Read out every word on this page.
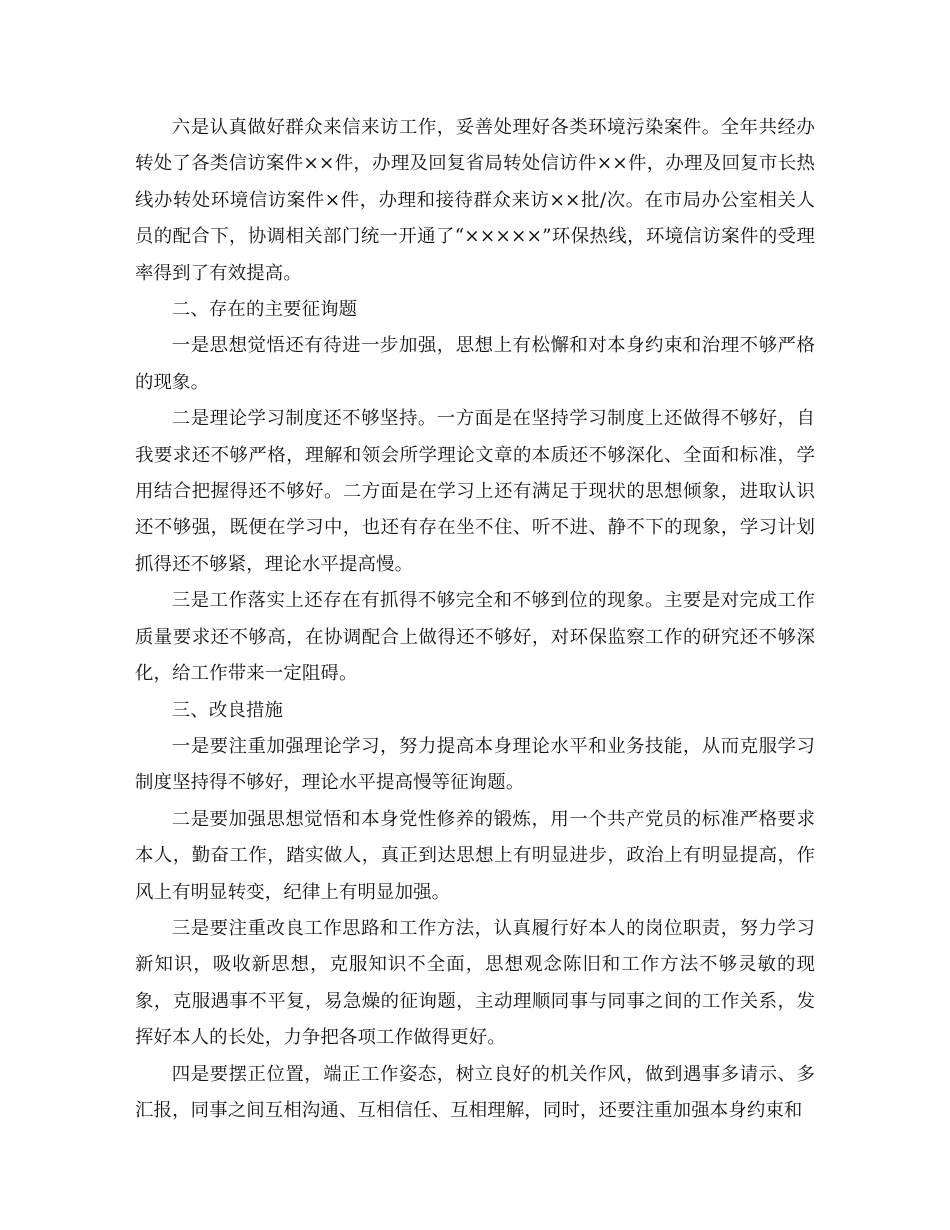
六是认真做好群众来信来访工作，妥善处理好各类环境污染案件。全年共经办转处了各类信访案件××件，办理及回复省局转处信访件××件，办理及回复市长热线办转处环境信访案件×件，办理和接待群众来访××批/次。在市局办公室相关人员的配合下，协调相关部门统一开通了“×××××”环保热线，环境信访案件的受理率得到了有效提高。

二、存在的主要征询题

一是思想觉悟还有待进一步加强，思想上有松懈和对本身约束和治理不够严格的现象。

二是理论学习制度还不够坚持。一方面是在坚持学习制度上还做得不够好，自我要求还不够严格，理解和领会所学理论文章的本质还不够深化、全面和标准，学用结合把握得还不够好。二方面是在学习上还有满足于现状的思想倾象，进取认识还不够强，既便在学习中，也还有存在坐不住、听不进、静不下的现象，学习计划抓得还不够紧，理论水平提高慢。

三是工作落实上还存在有抓得不够完全和不够到位的现象。主要是对完成工作质量要求还不够高，在协调配合上做得还不够好，对环保监察工作的研究还不够深化，给工作带来一定阻碍。

三、改良措施

一是要注重加强理论学习，努力提高本身理论水平和业务技能，从而克服学习制度坚持得不够好，理论水平提高慢等征询题。

二是要加强思想觉悟和本身党性修养的锻炼，用一个共产党员的标准严格要求本人，勤奋工作，踏实做人，真正到达思想上有明显进步，政治上有明显提高，作风上有明显转变，纪律上有明显加强。

三是要注重改良工作思路和工作方法，认真履行好本人的岗位职责，努力学习新知识，吸收新思想，克服知识不全面，思想观念陈旧和工作方法不够灵敏的现象，克服遇事不平复，易急燥的征询题，主动理顺同事与同事之间的工作关系，发挥好本人的长处，力争把各项工作做得更好。

四是要摆正位置，端正工作姿态，树立良好的机关作风，做到遇事多请示、多汇报，同事之间互相沟通、互相信任、互相理解，同时，还要注重加强本身约束和
